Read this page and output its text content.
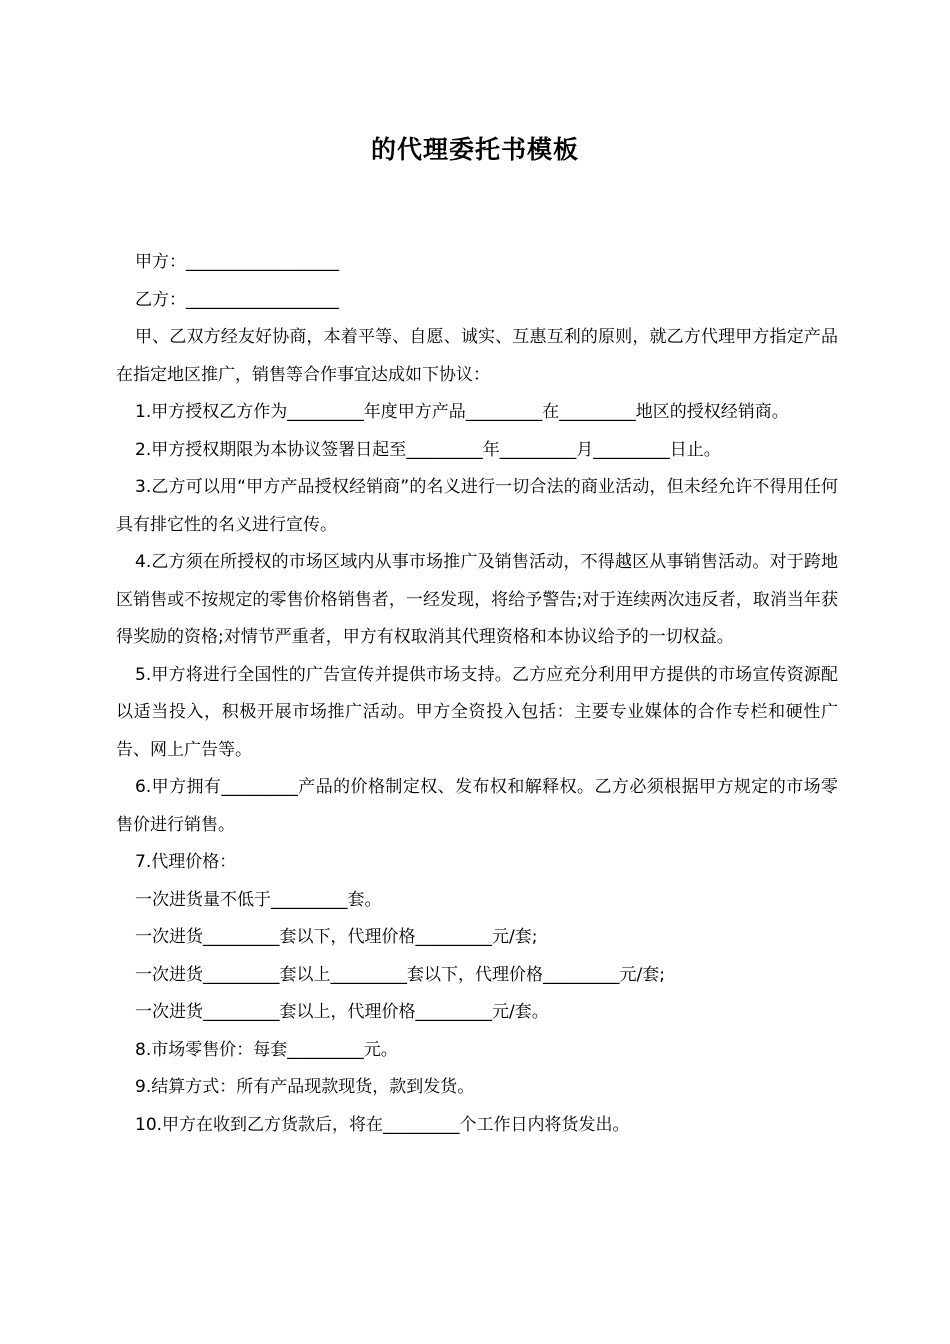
的代理委托书模板

甲方：__________________

乙方：__________________

甲、乙双方经友好协商，本着平等、自愿、诚实、互惠互利的原则，就乙方代理甲方指定产品在指定地区推广，销售等合作事宜达成如下协议：

1.甲方授权乙方作为_________年度甲方产品_________在_________地区的授权经销商。

2.甲方授权期限为本协议签署日起至_________年_________月_________日止。

3.乙方可以用“甲方产品授权经销商”的名义进行一切合法的商业活动，但未经允许不得用任何具有排它性的名义进行宣传。

4.乙方须在所授权的市场区域内从事市场推广及销售活动，不得越区从事销售活动。对于跨地区销售或不按规定的零售价格销售者，一经发现，将给予警告;对于连续两次违反者，取消当年获得奖励的资格;对情节严重者，甲方有权取消其代理资格和本协议给予的一切权益。

5.甲方将进行全国性的广告宣传并提供市场支持。乙方应充分利用甲方提供的市场宣传资源配以适当投入，积极开展市场推广活动。甲方全资投入包括：主要专业媒体的合作专栏和硬性广告、网上广告等。

6.甲方拥有_________产品的价格制定权、发布权和解释权。乙方必须根据甲方规定的市场零售价进行销售。

7.代理价格：

一次进货量不低于_________套。

一次进货_________套以下，代理价格_________元/套;

一次进货_________套以上_________套以下，代理价格_________元/套;

一次进货_________套以上，代理价格_________元/套。

8.市场零售价：每套_________元。

9.结算方式：所有产品现款现货，款到发货。

10.甲方在收到乙方货款后，将在_________个工作日内将货发出。
